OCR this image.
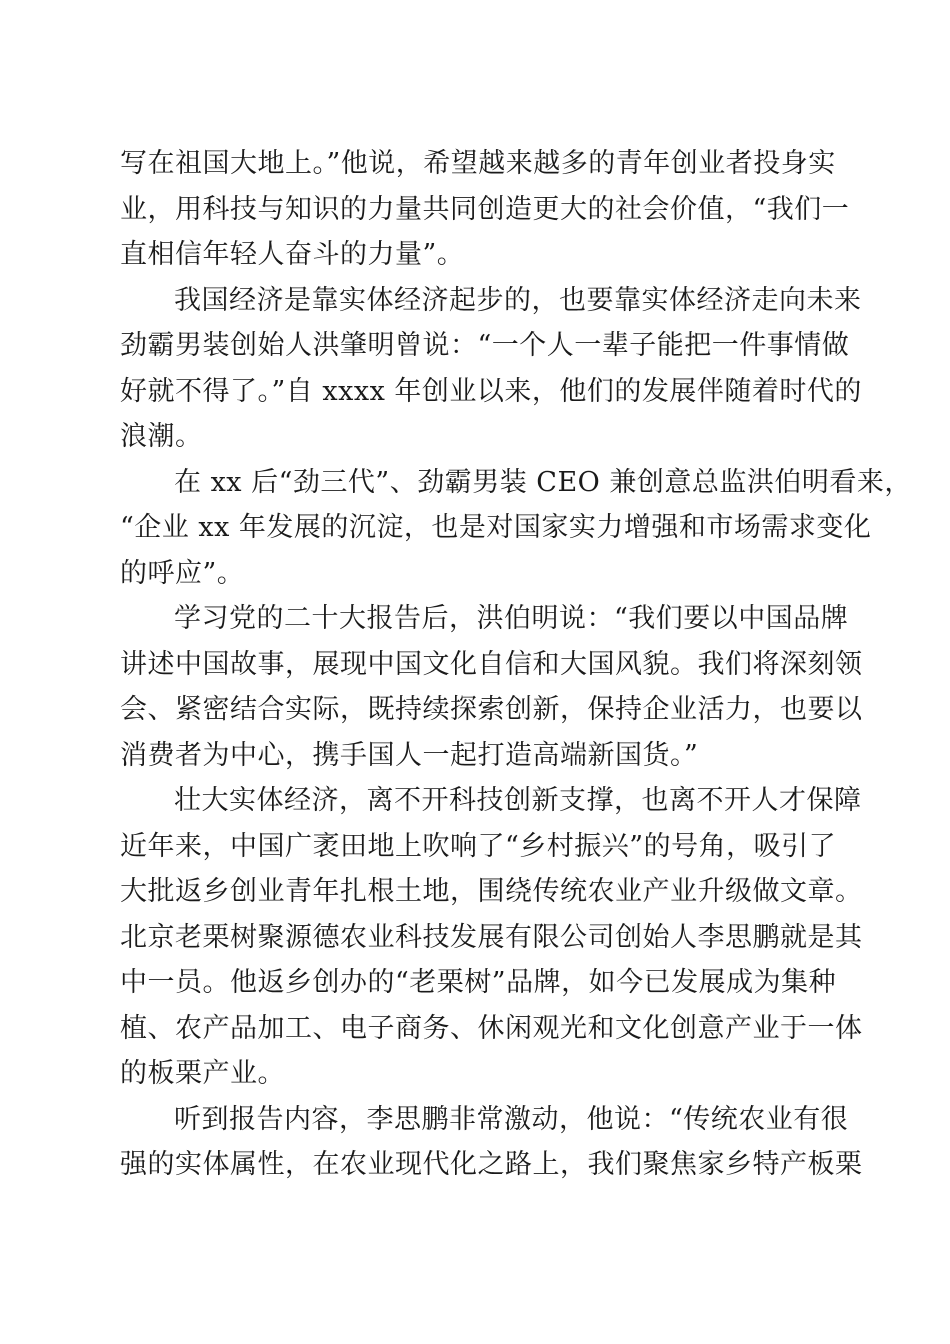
写在祖国大地上。”他说，希望越来越多的青年创业者投身实
业，用科技与知识的力量共同创造更大的社会价值，“我们一
直相信年轻人奋斗的力量”。
我国经济是靠实体经济起步的，也要靠实体经济走向未来
劲霸男装创始人洪肇明曾说：“一个人一辈子能把一件事情做
好就不得了。”自 xxxx 年创业以来，他们的发展伴随着时代的
浪潮。
在 xx 后“劲三代”、劲霸男装 CEO 兼创意总监洪伯明看来，
“企业 xx 年发展的沉淀，也是对国家实力增强和市场需求变化
的呼应”。
学习党的二十大报告后，洪伯明说：“我们要以中国品牌
讲述中国故事，展现中国文化自信和大国风貌。我们将深刻领
会、紧密结合实际，既持续探索创新，保持企业活力，也要以
消费者为中心，携手国人一起打造高端新国货。”
壮大实体经济，离不开科技创新支撑，也离不开人才保障
近年来，中国广袤田地上吹响了“乡村振兴”的号角，吸引了
大批返乡创业青年扎根土地，围绕传统农业产业升级做文章。
北京老栗树聚源德农业科技发展有限公司创始人李思鹏就是其
中一员。他返乡创办的“老栗树”品牌，如今已发展成为集种
植、农产品加工、电子商务、休闲观光和文化创意产业于一体
的板栗产业。
听到报告内容，李思鹏非常激动，他说：“传统农业有很
强的实体属性，在农业现代化之路上，我们聚焦家乡特产板栗
